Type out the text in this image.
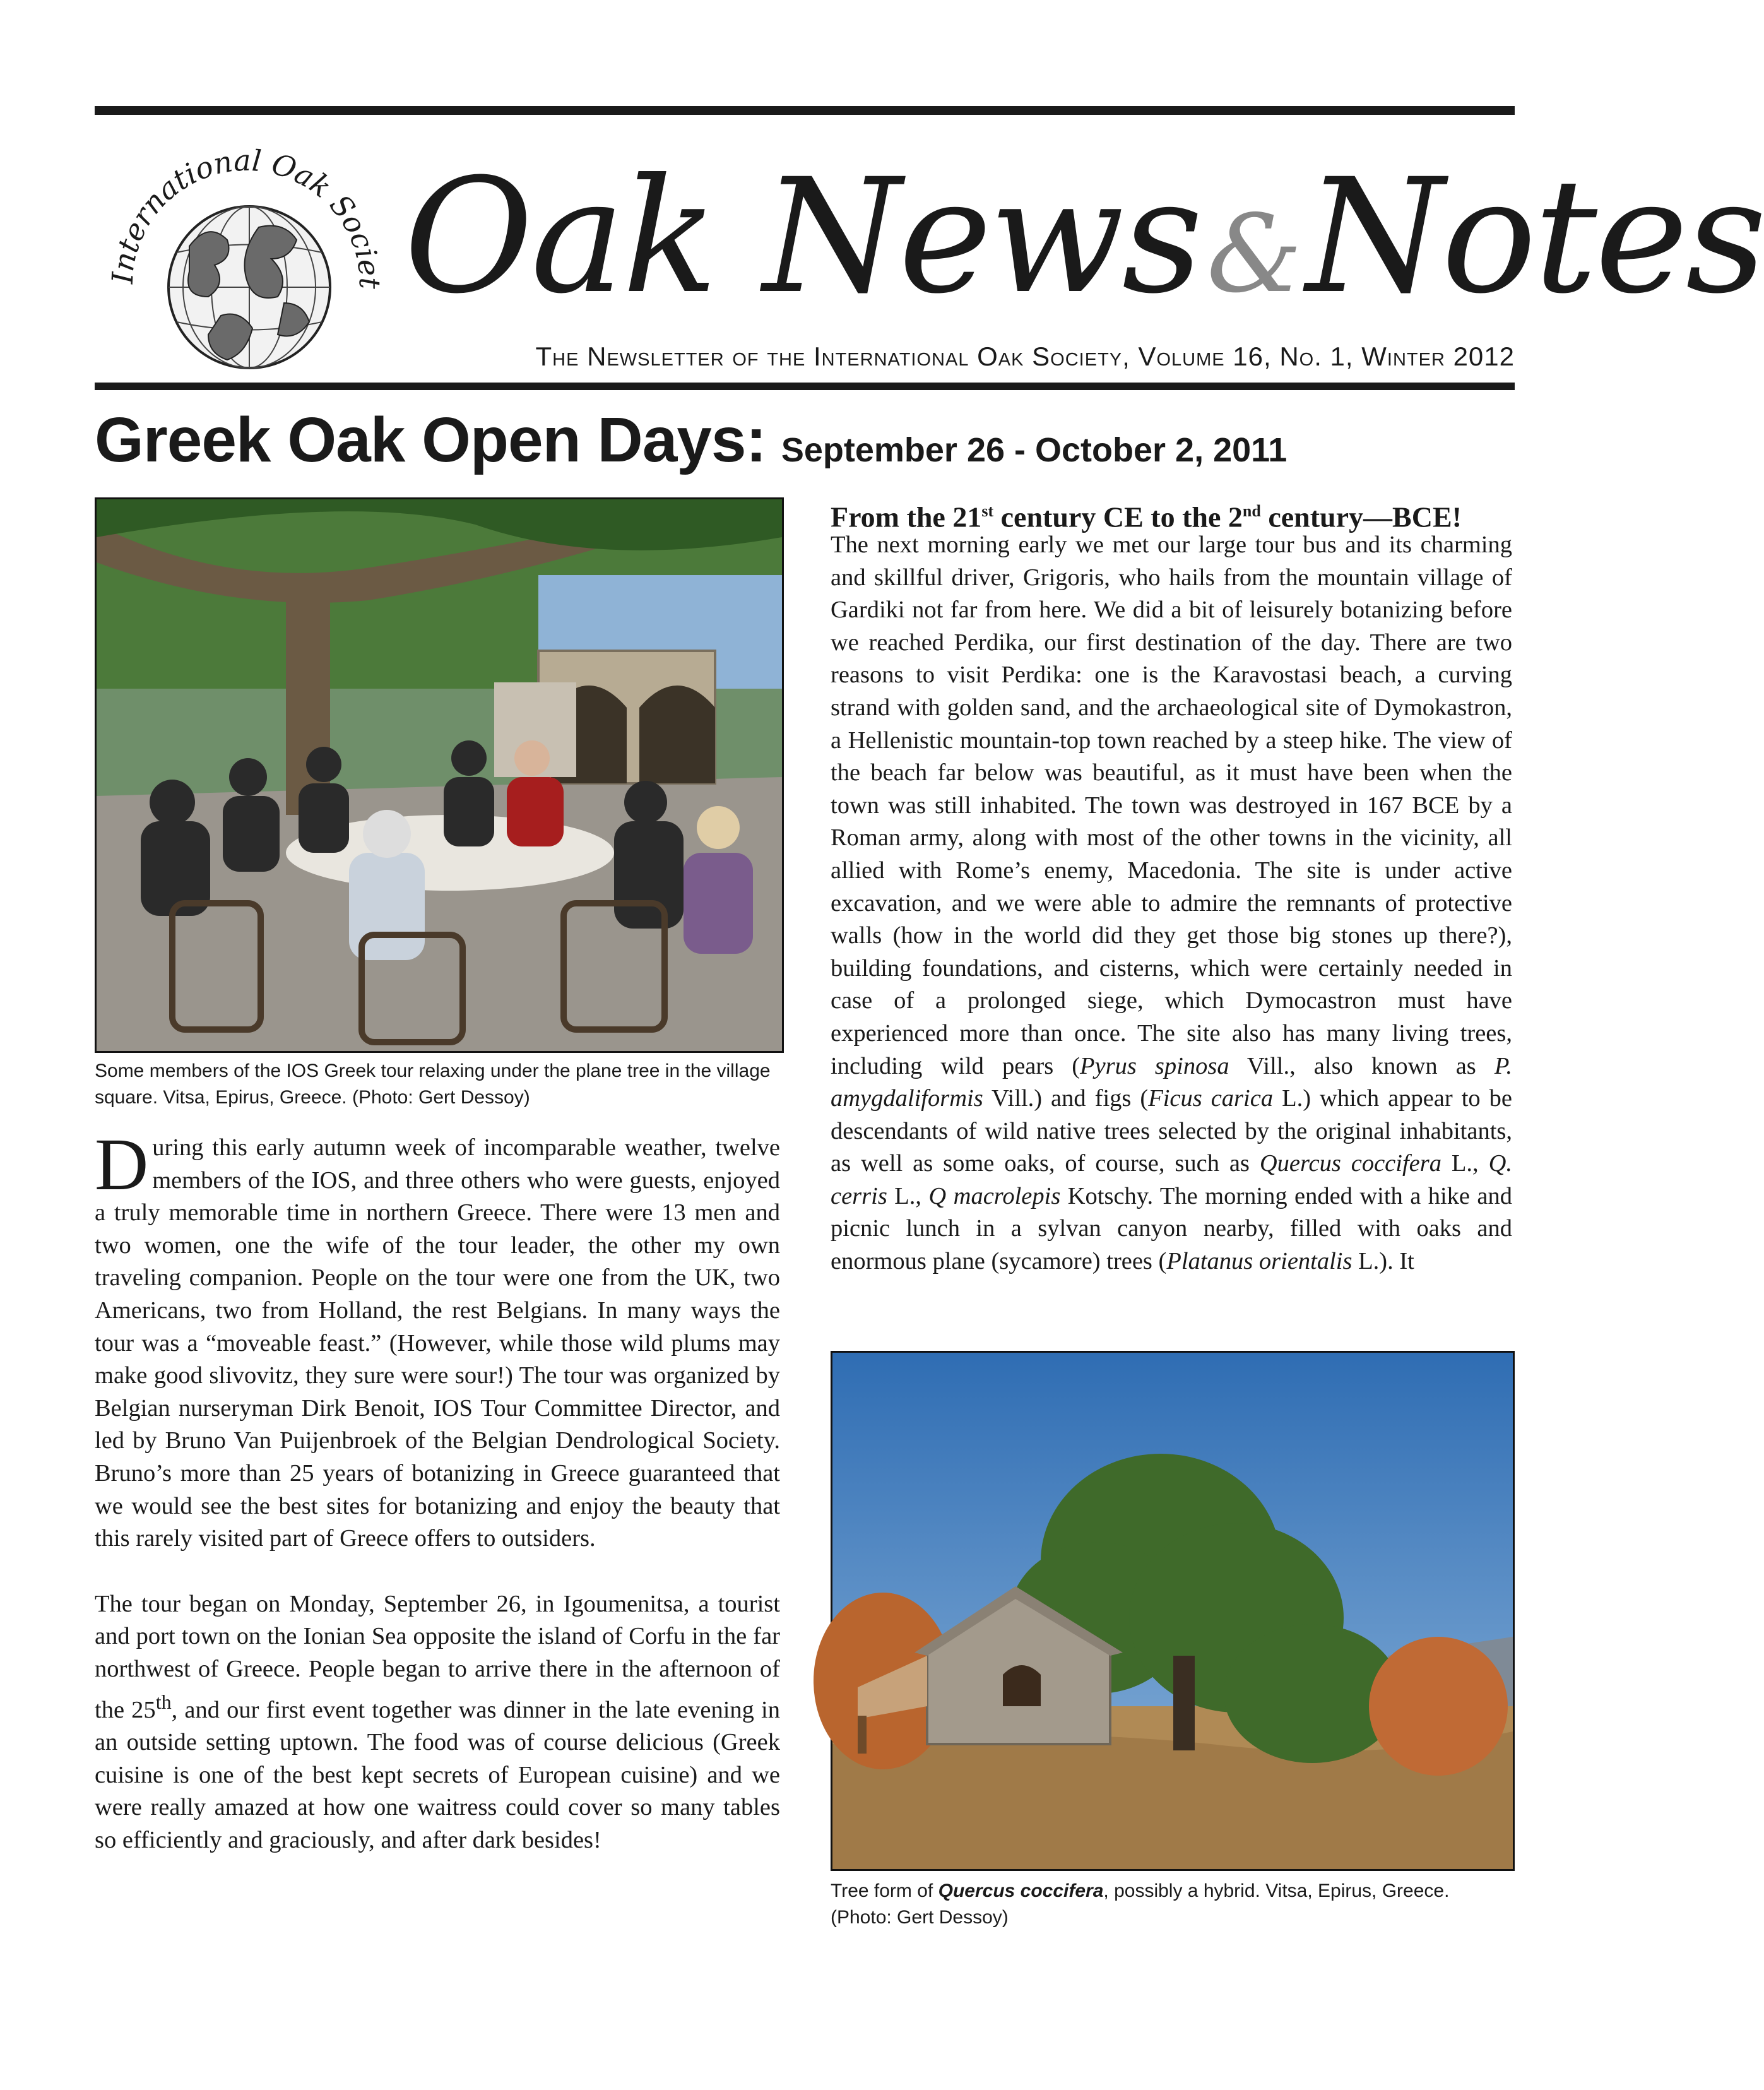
International Oak Societ Oak News&Notes
The Newsletter of the International Oak Society, Volume 16, No. 1, Winter 2012
Greek Oak Open Days: September 26 - October 2, 2011
Some members of the IOS Greek tour relaxing under the plane tree in the village square. Vitsa, Epirus, Greece. (Photo: Gert Dessoy)

During this early autumn week of incomparable weather, twelve members of the IOS, and three others who were guests, enjoyed a truly memorable time in northern Greece. There were 13 men and two women, one the wife of the tour leader, the other my own traveling companion. People on the tour were one from the UK, two Americans, two from Holland, the rest Belgians. In many ways the tour was a “moveable feast.” (However, while those wild plums may make good slivovitz, they sure were sour!) The tour was organized by Belgian nurseryman Dirk Benoit, IOS Tour Committee Director, and led by Bruno Van Puijenbroek of the Belgian Dendrological Society. Bruno’s more than 25 years of botanizing in Greece guaranteed that we would see the best sites for botanizing and enjoy the beauty that this rarely visited part of Greece offers to outsiders.

The tour began on Monday, September 26, in Igoumenitsa, a tourist and port town on the Ionian Sea opposite the island of Corfu in the far northwest of Greece. People began to arrive there in the afternoon of the 25th, and our first event together was dinner in the late evening in an outside setting uptown. The food was of course delicious (Greek cuisine is one of the best kept secrets of European cuisine) and we were really amazed at how one waitress could cover so many tables so efficiently and graciously, and after dark besides!

From the 21st century CE to the 2nd century—BCE!

The next morning early we met our large tour bus and its charming and skillful driver, Grigoris, who hails from the mountain village of Gardiki not far from here. We did a bit of leisurely botanizing before we reached Perdika, our first destination of the day. There are two reasons to visit Perdika: one is the Karavostasi beach, a curving strand with golden sand, and the archaeological site of Dymokastron, a Hellenistic mountain-top town reached by a steep hike. The view of the beach far below was beautiful, as it must have been when the town was still inhabited. The town was destroyed in 167 BCE by a Roman army, along with most of the other towns in the vicinity, all allied with Rome’s enemy, Macedonia. The site is under active excavation, and we were able to admire the remnants of protective walls (how in the world did they get those big stones up there?), building foundations, and cisterns, which were certainly needed in case of a prolonged siege, which Dymocastron must have experienced more than once. The site also has many living trees, including wild pears (Pyrus spinosa Vill., also known as P. amygdaliformis Vill.) and figs (Ficus carica L.) which appear to be descendants of wild native trees selected by the original inhabitants, as well as some oaks, of course, such as Quercus coccifera L., Q. cerris L., Q macrolepis Kotschy. The morning ended with a hike and picnic lunch in a sylvan canyon nearby, filled with oaks and enormous plane (sycamore) trees (Platanus orientalis L.). It

Tree form of Quercus coccifera, possibly a hybrid. Vitsa, Epirus, Greece. (Photo: Gert Dessoy)
